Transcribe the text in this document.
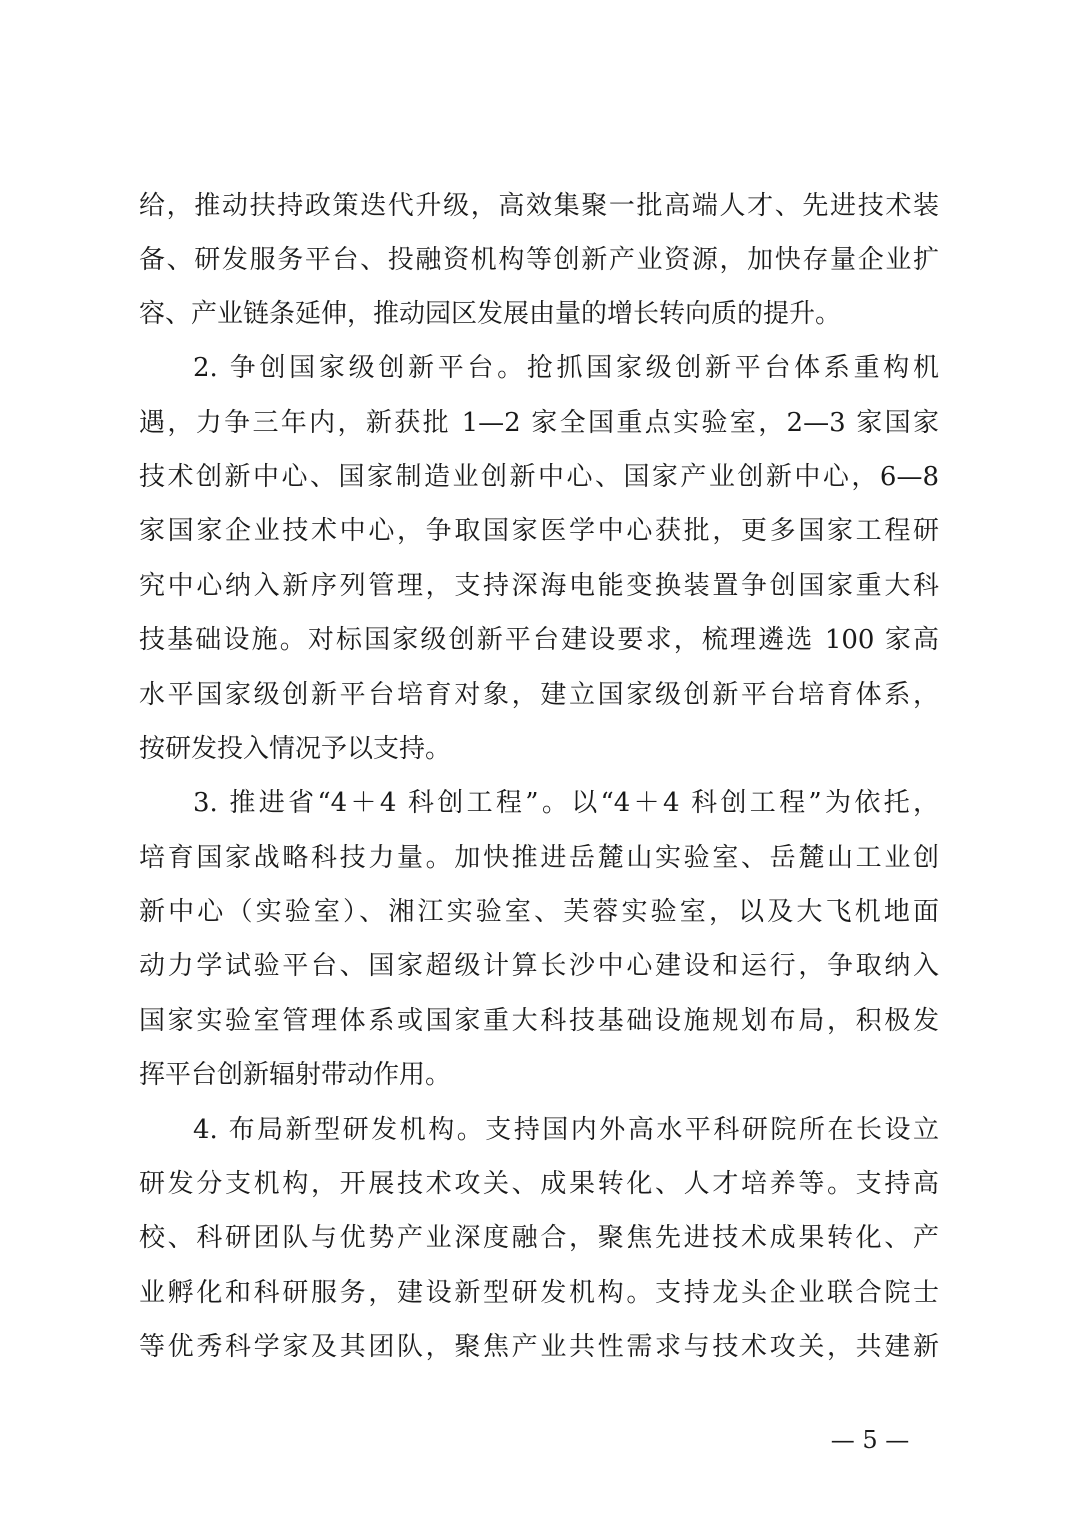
给，推动扶持政策迭代升级，高效集聚一批高端人才、先进技术装
备、研发服务平台、投融资机构等创新产业资源，加快存量企业扩
容、产业链条延伸，推动园区发展由量的增长转向质的提升。
2. 争创国家级创新平台。抢抓国家级创新平台体系重构机
遇，力争三年内，新获批 1—2 家全国重点实验室，2—3 家国家
技术创新中心、国家制造业创新中心、国家产业创新中心，6—8
家国家企业技术中心，争取国家医学中心获批，更多国家工程研
究中心纳入新序列管理，支持深海电能变换装置争创国家重大科
技基础设施。对标国家级创新平台建设要求，梳理遴选 100 家高
水平国家级创新平台培育对象，建立国家级创新平台培育体系，
按研发投入情况予以支持。
3. 推进省“4＋4 科创工程”。以“4＋4 科创工程”为依托，
培育国家战略科技力量。加快推进岳麓山实验室、岳麓山工业创
新中心（实验室）、湘江实验室、芙蓉实验室，以及大飞机地面
动力学试验平台、国家超级计算长沙中心建设和运行，争取纳入
国家实验室管理体系或国家重大科技基础设施规划布局，积极发
挥平台创新辐射带动作用。
4. 布局新型研发机构。支持国内外高水平科研院所在长设立
研发分支机构，开展技术攻关、成果转化、人才培养等。支持高
校、科研团队与优势产业深度融合，聚焦先进技术成果转化、产
业孵化和科研服务，建设新型研发机构。支持龙头企业联合院士
等优秀科学家及其团队，聚焦产业共性需求与技术攻关，共建新
— 5 —
